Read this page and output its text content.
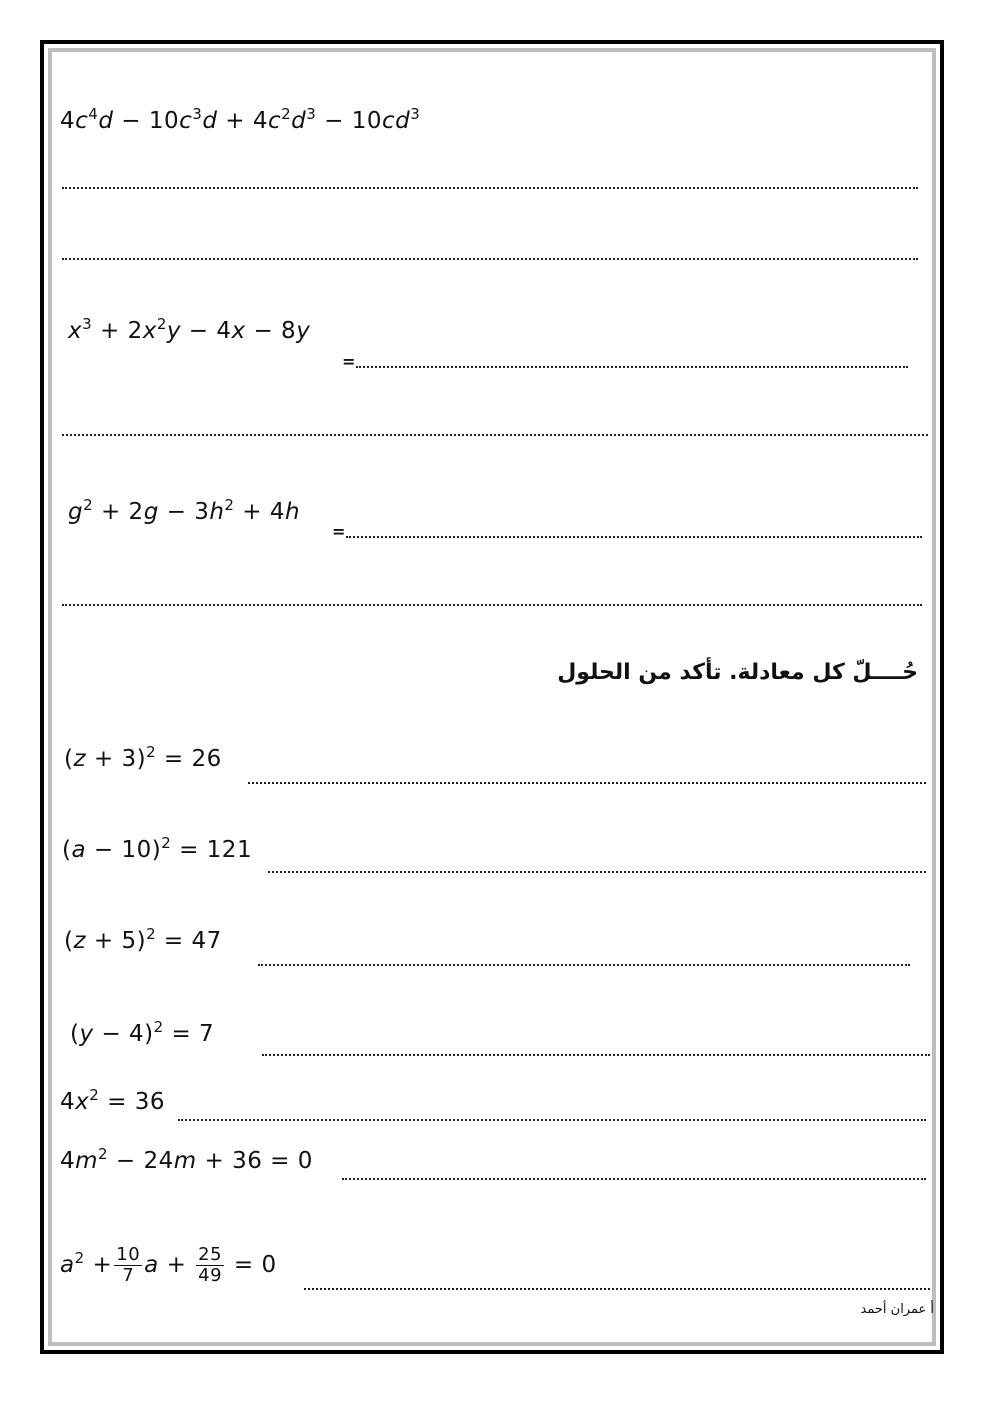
$4c^4d - 10c^3d + 4c^2d^3 - 10cd^3$
$x^3 + 2x^2y - 4x - 8y$
=
$g^2 + 2g - 3h^2 + 4h$
=
حُــــلّ كل معادلة. تأكد من الحلول
$(z + 3)^2 = 26$
$(a - 10)^2 = 121$
$(z + 5)^2 = 47$
$(y - 4)^2 = 7$
$4x^2 = 36$
$4m^2 - 24m + 36 = 0$
$a^2 + \frac{10}{7}$ $a + \frac{25}{49} = 0$
أ عمران أحمد
